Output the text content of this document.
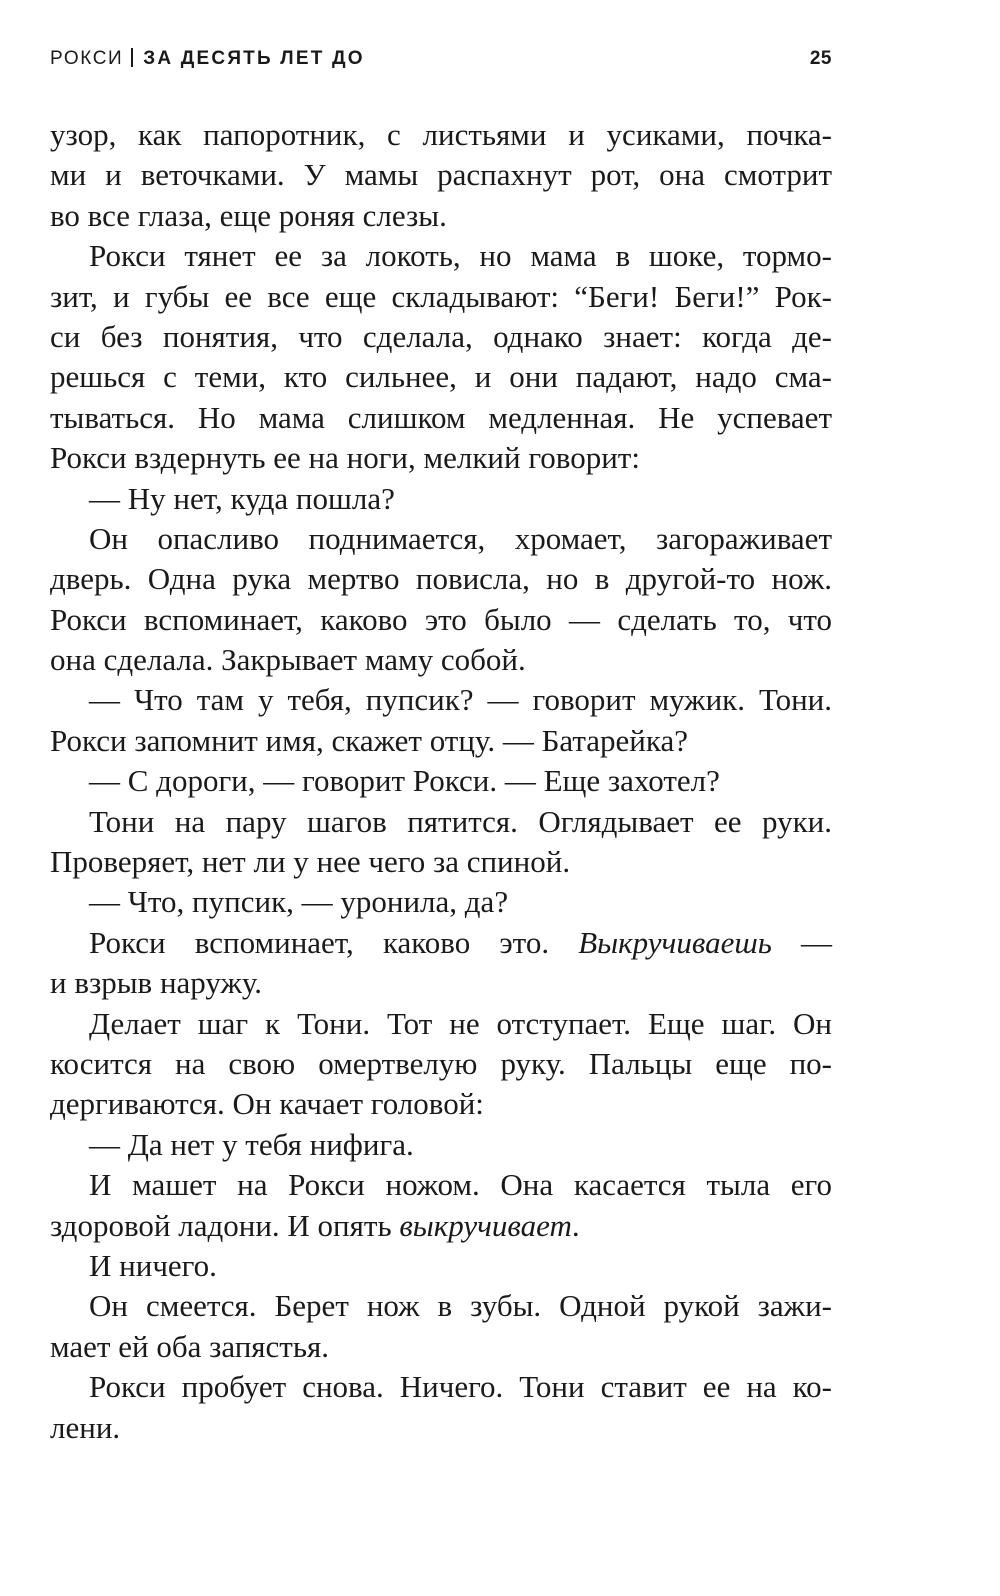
РОКСИ ЗА ДЕСЯТЬ ЛЕТ ДО	25
узор, как папоротник, с листьями и усиками, почка-
ми и веточками. У мамы распахнут рот, она смотрит
во все глаза, еще роняя слезы.
Рокси тянет ее за локоть, но мама в шоке, тормо-
зит, и губы ее все еще складывают: “Беги! Беги!” Рок-
си без понятия, что сделала, однако знает: когда де-
решься с теми, кто сильнее, и они падают, надо сма-
тываться. Но мама слишком медленная. Не успевает
Рокси вздернуть ее на ноги, мелкий говорит:
— Ну нет, куда пошла?
Он опасливо поднимается, хромает, загораживает
дверь. Одна рука мертво повисла, но в другой-то нож.
Рокси вспоминает, каково это было — сделать то, что
она сделала. Закрывает маму собой.
— Что там у тебя, пупсик? — говорит мужик. Тони.
Рокси запомнит имя, скажет отцу. — Батарейка?
— С дороги, — говорит Рокси. — Еще захотел?
Тони на пару шагов пятится. Оглядывает ее руки.
Проверяет, нет ли у нее чего за спиной.
— Что, пупсик, — уронила, да?
Рокси вспоминает, каково это. Выкручиваешь —
и взрыв наружу.
Делает шаг к Тони. Тот не отступает. Еще шаг. Он
косится на свою омертвелую руку. Пальцы еще по-
дергиваются. Он качает головой:
— Да нет у тебя нифига.
И машет на Рокси ножом. Она касается тыла его
здоровой ладони. И опять выкручивает.
И ничего.
Он смеется. Берет нож в зубы. Одной рукой зажи-
мает ей оба запястья.
Рокси пробует снова. Ничего. Тони ставит ее на ко-
лени.
